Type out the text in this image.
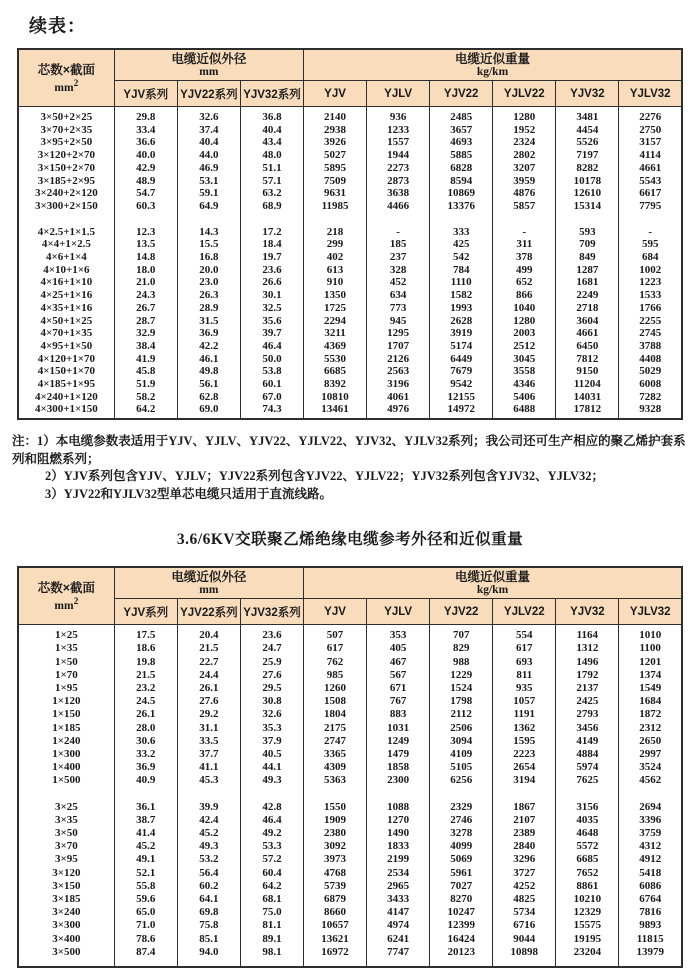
续表：
芯数×截面
$mm^2$

电缆近似外径
mm

电缆近似重量
kg/km

	YJV系列	YJV22系列	YJV32系列	YJV	YJLV	YJV22	YJLV22	YJV32	YJLV32
3×50+2×25	29.8	32.6	36.8	2140	936	2485	1280	3481	2276
3×70+2×35	33.4	37.4	40.4	2938	1233	3657	1952	4454	2750
3×95+2×50	36.6	40.4	43.4	3926	1557	4693	2324	5526	3157
3×120+2×70	40.0	44.0	48.0	5027	1944	5885	2802	7197	4114
3×150+2×70	42.9	46.9	51.1	5895	2273	6828	3207	8282	4661
3×185+2×95	48.9	53.1	57.1	7509	2873	8594	3959	10178	5543
3×240+2×120	54.7	59.1	63.2	9631	3638	10869	4876	12610	6617
3×300+2×150	60.3	64.9	68.9	11985	4466	13376	5857	15314	7795

4×2.5+1×1.5	12.3	14.3	17.2	218	-	333	-	593	-
4×4+1×2.5	13.5	15.5	18.4	299	185	425	311	709	595
4×6+1×4	14.8	16.8	19.7	402	237	542	378	849	684
4×10+1×6	18.0	20.0	23.6	613	328	784	499	1287	1002
4×16+1×10	21.0	23.0	26.6	910	452	1110	652	1681	1223
4×25+1×16	24.3	26.3	30.1	1350	634	1582	866	2249	1533
4×35+1×16	26.7	28.9	32.5	1725	773	1993	1040	2718	1766
4×50+1×25	28.7	31.5	35.6	2294	945	2628	1280	3604	2255
4×70+1×35	32.9	36.9	39.7	3211	1295	3919	2003	4661	2745
4×95+1×50	38.4	42.2	46.4	4369	1707	5174	2512	6450	3788
4×120+1×70	41.9	46.1	50.0	5530	2126	6449	3045	7812	4408
4×150+1×70	45.8	49.8	53.8	6685	2563	7679	3558	9150	5029
4×185+1×95	51.9	56.1	60.1	8392	3196	9542	4346	11204	6008
4×240+1×120	58.2	62.8	67.0	10810	4061	12155	5406	14031	7282
4×300+1×150	64.2	69.0	74.3	13461	4976	14972	6488	17812	9328

注：1）本电缆参数表适用于YJV、YJLV、YJV22、YJLV22、YJV32、YJLV32系列；我公司还可生产相应的聚乙烯护套系列和阻燃系列；
2）YJV系列包含YJV、YJLV；YJV22系列包含YJV22、YJLV22；YJV32系列包含YJV32、YJLV32；
3）YJV22和YJLV32型单芯电缆只适用于直流线路。
3.6/6KV交联聚乙烯绝缘电缆参考外径和近似重量
芯数×截面
$mm^2$

电缆近似外径
mm

电缆近似重量
kg/km

	YJV系列	YJV22系列	YJV32系列	YJV	YJLV	YJV22	YJLV22	YJV32	YJLV32
1×25	17.5	20.4	23.6	507	353	707	554	1164	1010
1×35	18.6	21.5	24.7	617	405	829	617	1312	1100
1×50	19.8	22.7	25.9	762	467	988	693	1496	1201
1×70	21.5	24.4	27.6	985	567	1229	811	1792	1374
1×95	23.2	26.1	29.5	1260	671	1524	935	2137	1549
1×120	24.5	27.6	30.8	1508	767	1798	1057	2425	1684
1×150	26.1	29.2	32.6	1804	883	2112	1191	2793	1872
1×185	28.0	31.1	35.3	2175	1031	2506	1362	3456	2312
1×240	30.6	33.5	37.9	2747	1249	3094	1595	4149	2650
1×300	33.2	37.7	40.5	3365	1479	4109	2223	4884	2997
1×400	36.9	41.1	44.1	4309	1858	5105	2654	5974	3524
1×500	40.9	45.3	49.3	5363	2300	6256	3194	7625	4562

3×25	36.1	39.9	42.8	1550	1088	2329	1867	3156	2694
3×35	38.7	42.4	46.4	1909	1270	2746	2107	4035	3396
3×50	41.4	45.2	49.2	2380	1490	3278	2389	4648	3759
3×70	45.2	49.3	53.3	3092	1833	4099	2840	5572	4312
3×95	49.1	53.2	57.2	3973	2199	5069	3296	6685	4912
3×120	52.1	56.4	60.4	4768	2534	5961	3727	7652	5418
3×150	55.8	60.2	64.2	5739	2965	7027	4252	8861	6086
3×185	59.6	64.1	68.1	6879	3433	8270	4825	10210	6764
3×240	65.0	69.8	75.0	8660	4147	10247	5734	12329	7816
3×300	71.0	75.8	81.1	10657	4974	12399	6716	15575	9893
3×400	78.6	85.1	89.1	13621	6241	16424	9044	19195	11815
3×500	87.4	94.0	98.1	16972	7747	20123	10898	23204	13979
